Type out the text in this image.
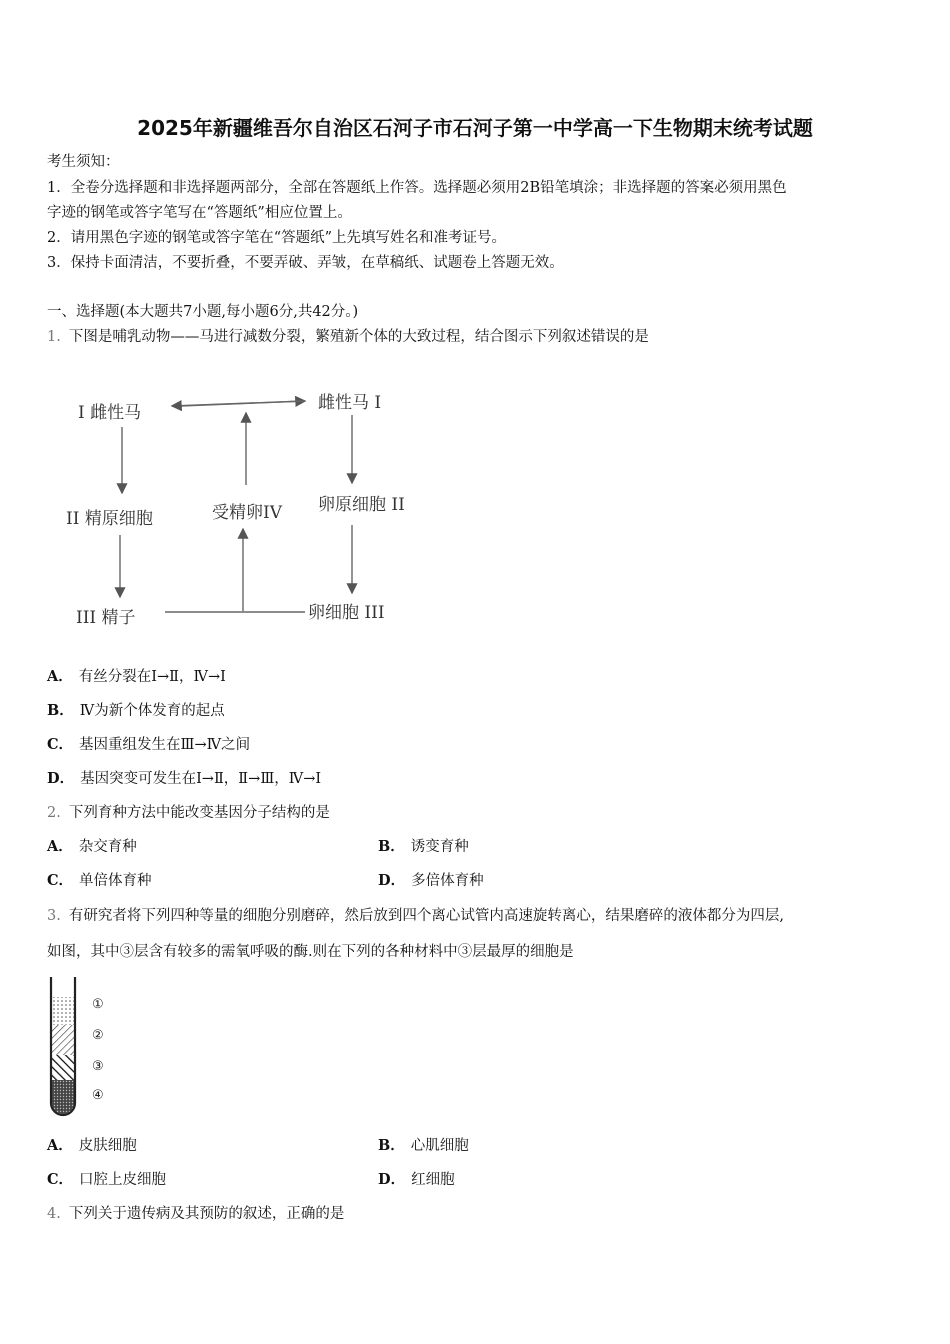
2025年新疆维吾尔自治区石河子市石河子第一中学高一下生物期末统考试题
考生须知：
1．全卷分选择题和非选择题两部分，全部在答题纸上作答。选择题必须用2B铅笔填涂；非选择题的答案必须用黑色
字迹的钢笔或答字笔写在“答题纸”相应位置上。
2．请用黑色字迹的钢笔或答字笔在“答题纸”上先填写姓名和准考证号。
3．保持卡面清洁，不要折叠，不要弄破、弄皱，在草稿纸、试题卷上答题无效。
一、选择题(本大题共7小题,每小题6分,共42分。)
1. 下图是哺乳动物——马进行减数分裂，繁殖新个体的大致过程，结合图示下列叙述错误的是
I 雌性马	雌性马 I
II 精原细胞	受精卵IV 卵原细胞 II
III 精子	卵细胞 III
A． 有丝分裂在Ⅰ→Ⅱ，Ⅳ→Ⅰ
B． Ⅳ为新个体发育的起点
C． 基因重组发生在Ⅲ→Ⅳ之间
D． 基因突变可发生在Ⅰ→Ⅱ，Ⅱ→Ⅲ，Ⅳ→Ⅰ
2. 下列育种方法中能改变基因分子结构的是
A． 杂交育种	B． 诱变育种
C． 单倍体育种	D． 多倍体育种
3. 有研究者将下列四种等量的细胞分别磨碎，然后放到四个离心试管内高速旋转离心，结果磨碎的液体都分为四层,
如图，其中③层含有较多的需氧呼吸的酶.则在下列的各种材料中③层最厚的细胞是
①
②
③
④
A． 皮肤细胞	B． 心肌细胞
C． 口腔上皮细胞	D． 红细胞
4. 下列关于遗传病及其预防的叙述，正确的是
